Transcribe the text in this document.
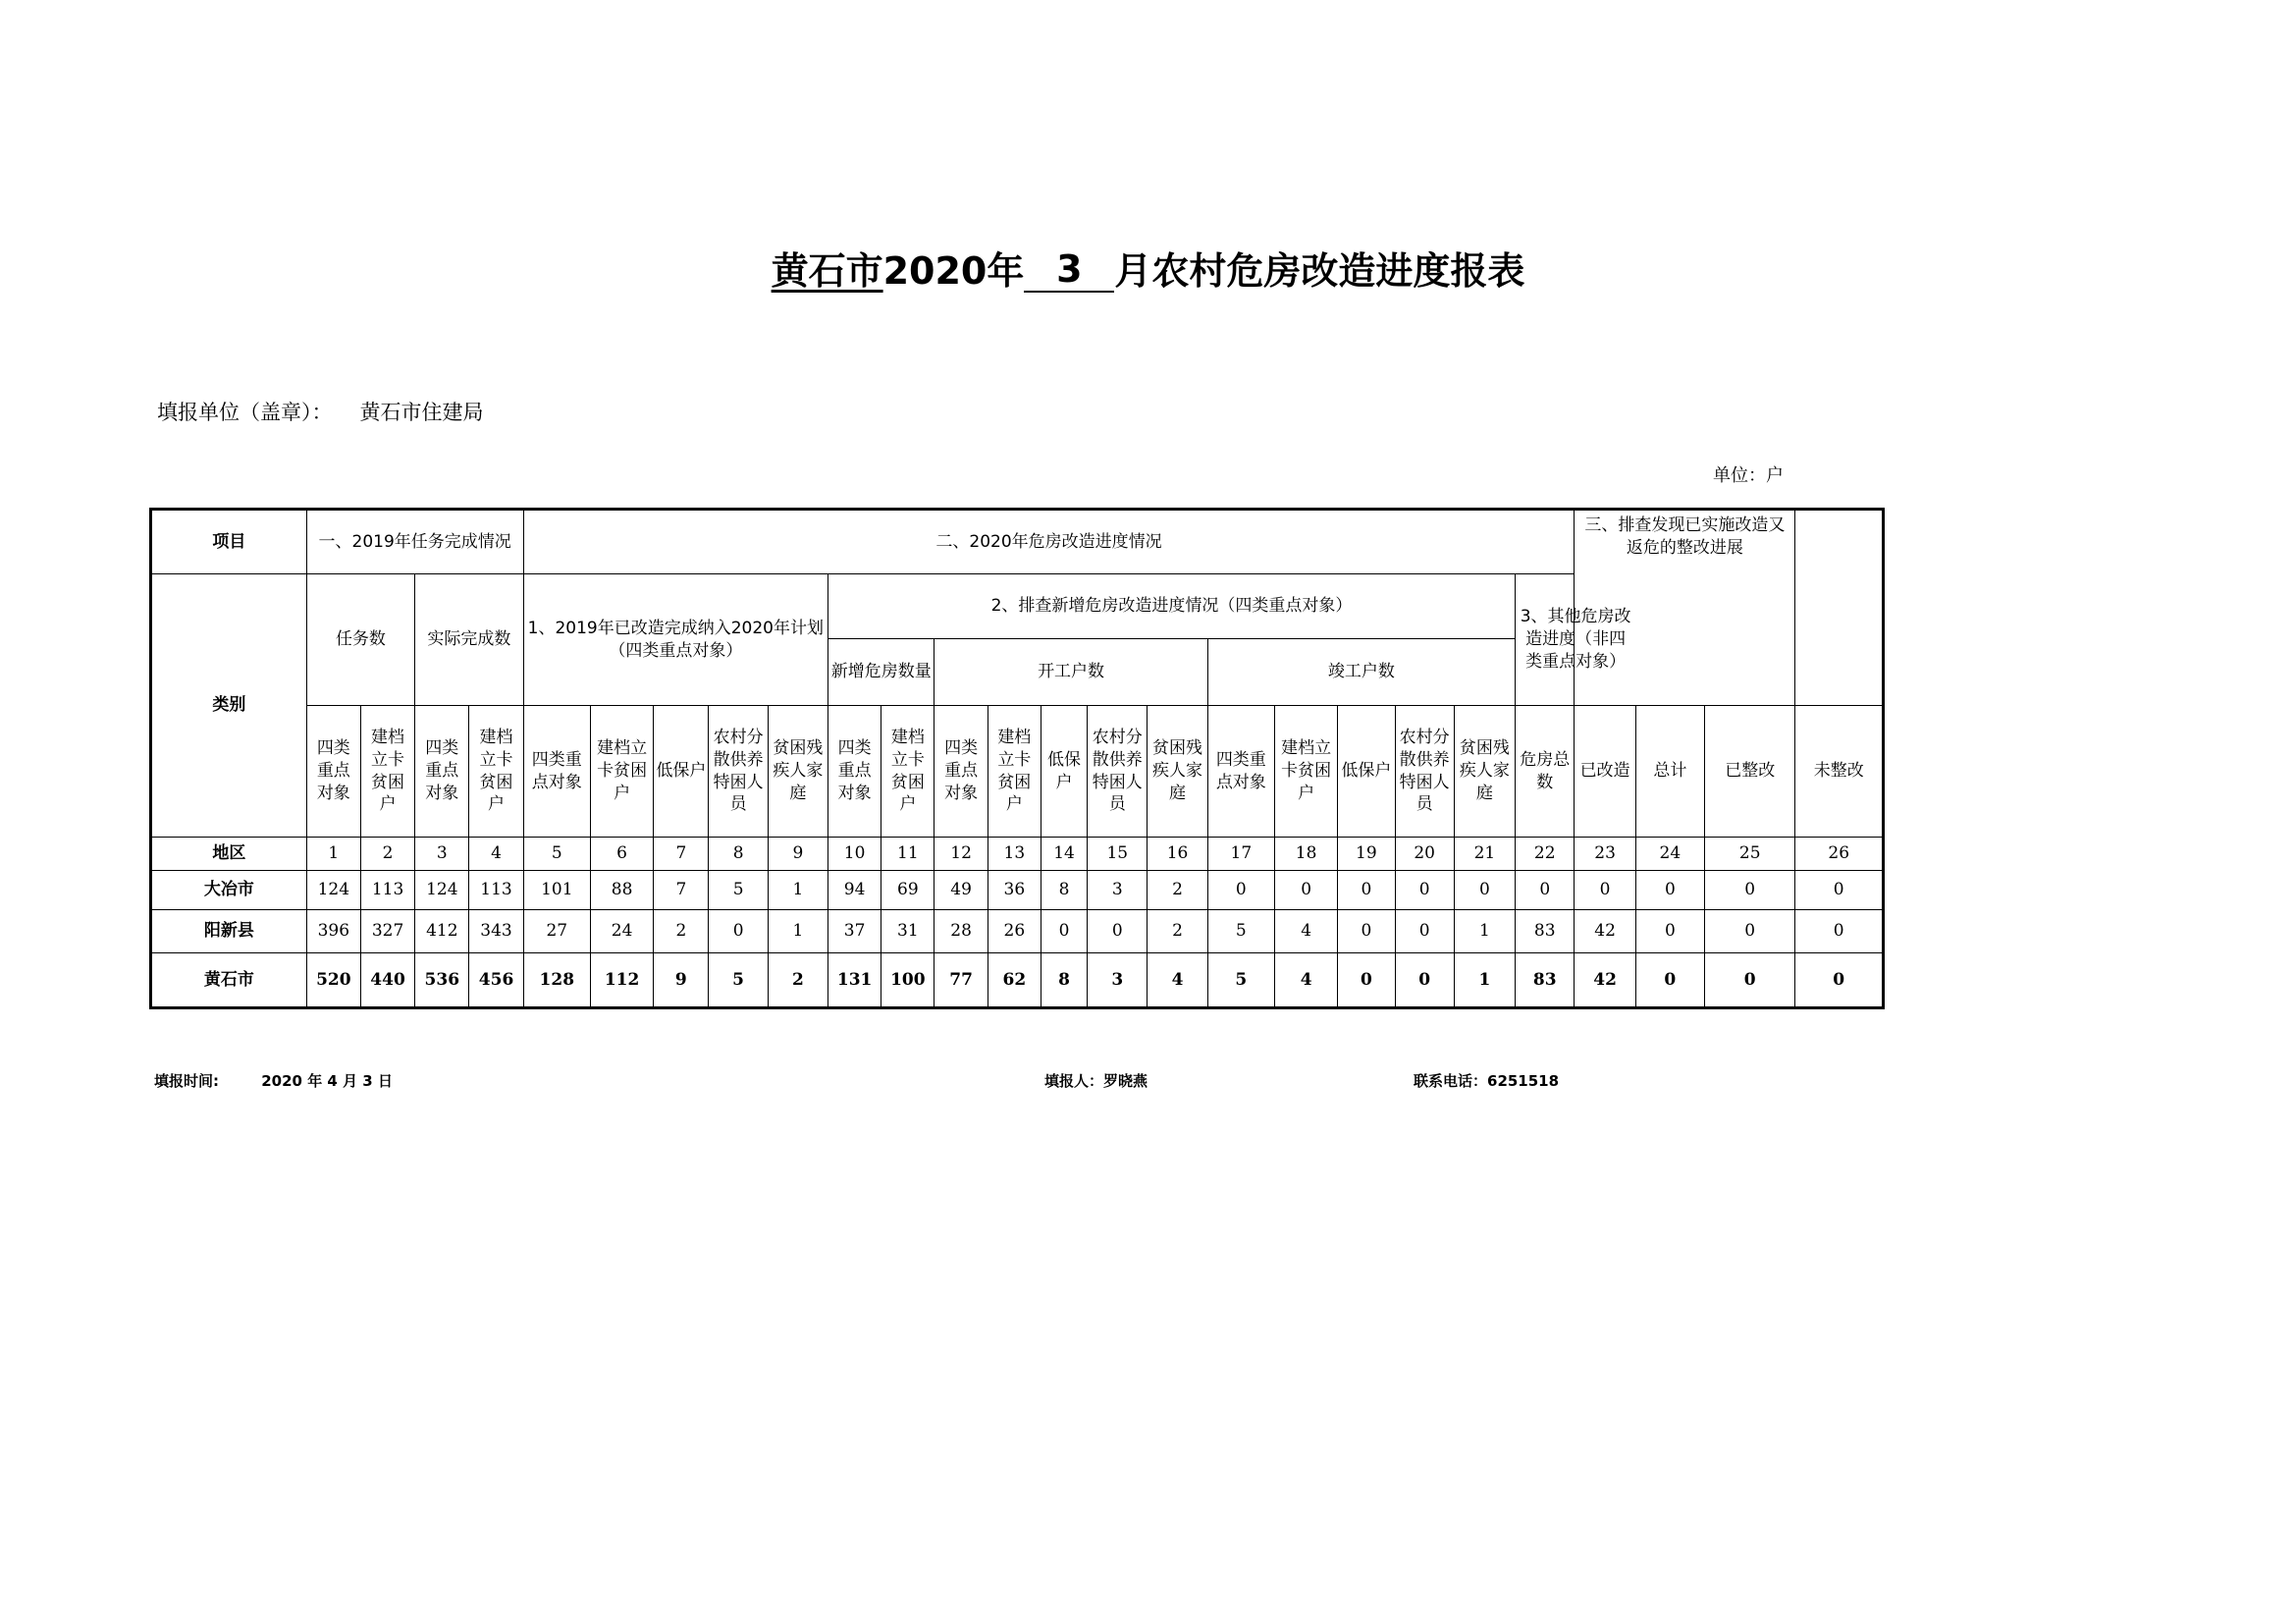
黄石市2020年 3 月农村危房改造进度报表
填报单位（盖章）： 黄石市住建局
单位：户
项目	一、2019年任务完成情况				二、2020年危房改造进度情况																		三、排查发现已实施改造又返危的整改进展			
类别	任务数		实际完成数		1、2019年已改造完成纳入2020年计划（四类重点对象）					2、排查新增危房改造进度情况（四类重点对象）												3、其他危房改造进度（非四类重点对象）				
										新增危房数量		开工户数					竣工户数									
	四类重点对象	建档立卡贫困户	四类重点对象	建档立卡贫困户	四类重点对象	建档立卡贫困户	低保户	农村分散供养特困人员	贫困残疾人家庭	四类重点对象	建档立卡贫困户	四类重点对象	建档立卡贫困户	低保户	农村分散供养特困人员	贫困残疾人家庭	四类重点对象	建档立卡贫困户	低保户	农村分散供养特困人员	贫困残疾人家庭	危房总数	已改造	总计	已整改	未整改
地区	1	2	3	4	5	6	7	8	9	10	11	12	13	14	15	16	17	18	19	20	21	22	23	24	25	26
大冶市	124	113	124	113	101	88	7	5	1	94	69	49	36	8	3	2	0	0	0	0	0	0	0	0	0	0
阳新县	396	327	412	343	27	24	2	0	1	37	31	28	26	0	0	2	5	4	0	0	1	83	42	0	0	0
黄石市	520	440	536	456	128	112	9	5	2	131	100	77	62	8	3	4	5	4	0	0	1	83	42	0	0	0
填报时间:	2020 年 4 月 3 日	填报人：罗晓燕	联系电话：6251518
